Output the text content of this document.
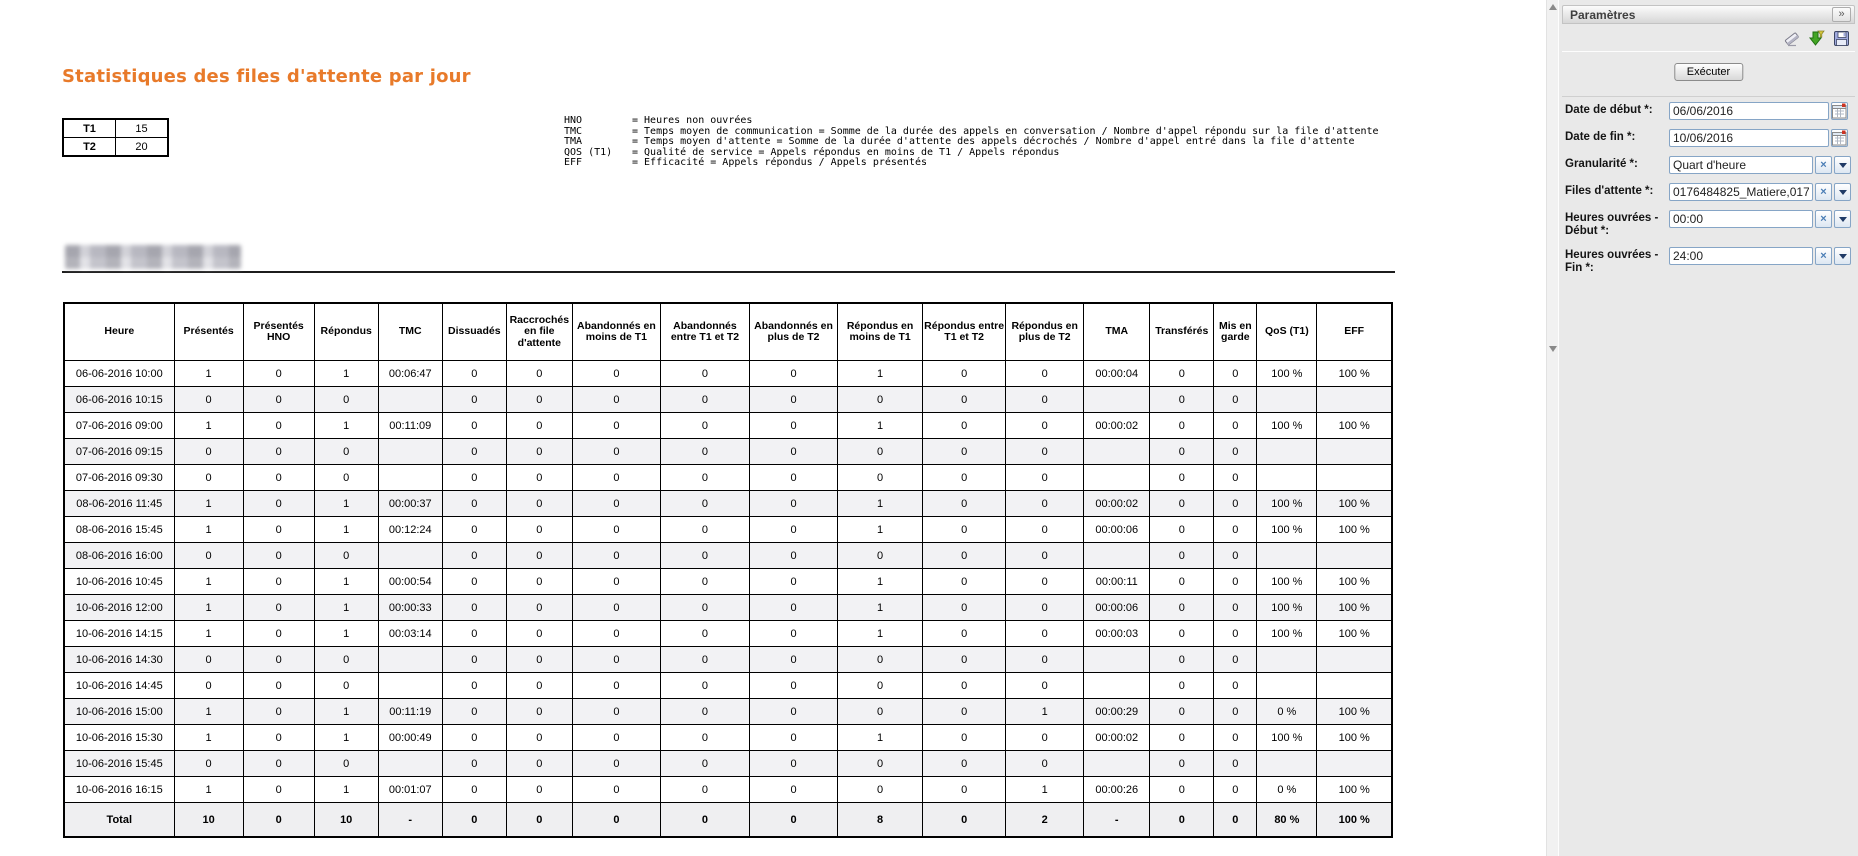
Statistiques des files d'attente par jour
T1	15
T2	20
HNO	= Heures non ouvrées
TMC	= Temps moyen de communication = Somme de la durée des appels en conversation / Nombre d'appel répondu sur la file d'attente
TMA	= Temps moyen d'attente = Somme de la durée d'attente des appels décrochés / Nombre d'appel entré dans la file d'attente
QOS (T1) = Qualité de service = Appels répondus en moins de T1 / Appels répondus
EFF	= Efficacité = Appels répondus / Appels présentés
Heure	Présentés	Présentés HNO	Répondus	TMC	Dissuadés	Raccrochés en file d'attente	Abandonnés en moins de T1	Abandonnés entre T1 et T2	Abandonnés en plus de T2	Répondus en moins de T1	Répondus entre T1 et T2	Répondus en plus de T2	TMA	Transférés	Mis en garde	QoS (T1)	EFF
06-06-2016 10:00	1	0	1	00:06:47	0	0	0	0	0	1	0	0	00:00:04	0	0	100 %	100 %
06-06-2016 10:15	0	0	0		0	0	0	0	0	0	0	0		0	0		
07-06-2016 09:00	1	0	1	00:11:09	0	0	0	0	0	1	0	0	00:00:02	0	0	100 %	100 %
07-06-2016 09:15	0	0	0		0	0	0	0	0	0	0	0		0	0		
07-06-2016 09:30	0	0	0		0	0	0	0	0	0	0	0		0	0		
08-06-2016 11:45	1	0	1	00:00:37	0	0	0	0	0	1	0	0	00:00:02	0	0	100 %	100 %
08-06-2016 15:45	1	0	1	00:12:24	0	0	0	0	0	1	0	0	00:00:06	0	0	100 %	100 %
08-06-2016 16:00	0	0	0		0	0	0	0	0	0	0	0		0	0		
10-06-2016 10:45	1	0	1	00:00:54	0	0	0	0	0	1	0	0	00:00:11	0	0	100 %	100 %
10-06-2016 12:00	1	0	1	00:00:33	0	0	0	0	0	1	0	0	00:00:06	0	0	100 %	100 %
10-06-2016 14:15	1	0	1	00:03:14	0	0	0	0	0	1	0	0	00:00:03	0	0	100 %	100 %
10-06-2016 14:30	0	0	0		0	0	0	0	0	0	0	0		0	0		
10-06-2016 14:45	0	0	0		0	0	0	0	0	0	0	0		0	0		
10-06-2016 15:00	1	0	1	00:11:19	0	0	0	0	0	0	0	1	00:00:29	0	0	0 %	100 %
10-06-2016 15:30	1	0	1	00:00:49	0	0	0	0	0	1	0	0	00:00:02	0	0	100 %	100 %
10-06-2016 15:45	0	0	0		0	0	0	0	0	0	0	0		0	0		
10-06-2016 16:15	1	0	1	00:01:07	0	0	0	0	0	0	0	1	00:00:26	0	0	0 %	100 %
Total	10	0	10	-	0	0	0	0	0	8	0	2	-	0	0	80 %	100 %
Paramètres	»
Exécuter
Date de début *:
06/06/2016
Date de fin *:
10/06/2016
Granularité *:
Quart d'heure	×
Files d'attente *:
0176484825_Matiere,0176	×
Heures ouvrées - Début *:
00:00
×
Heures ouvrées - Fin *:
24:00
×
